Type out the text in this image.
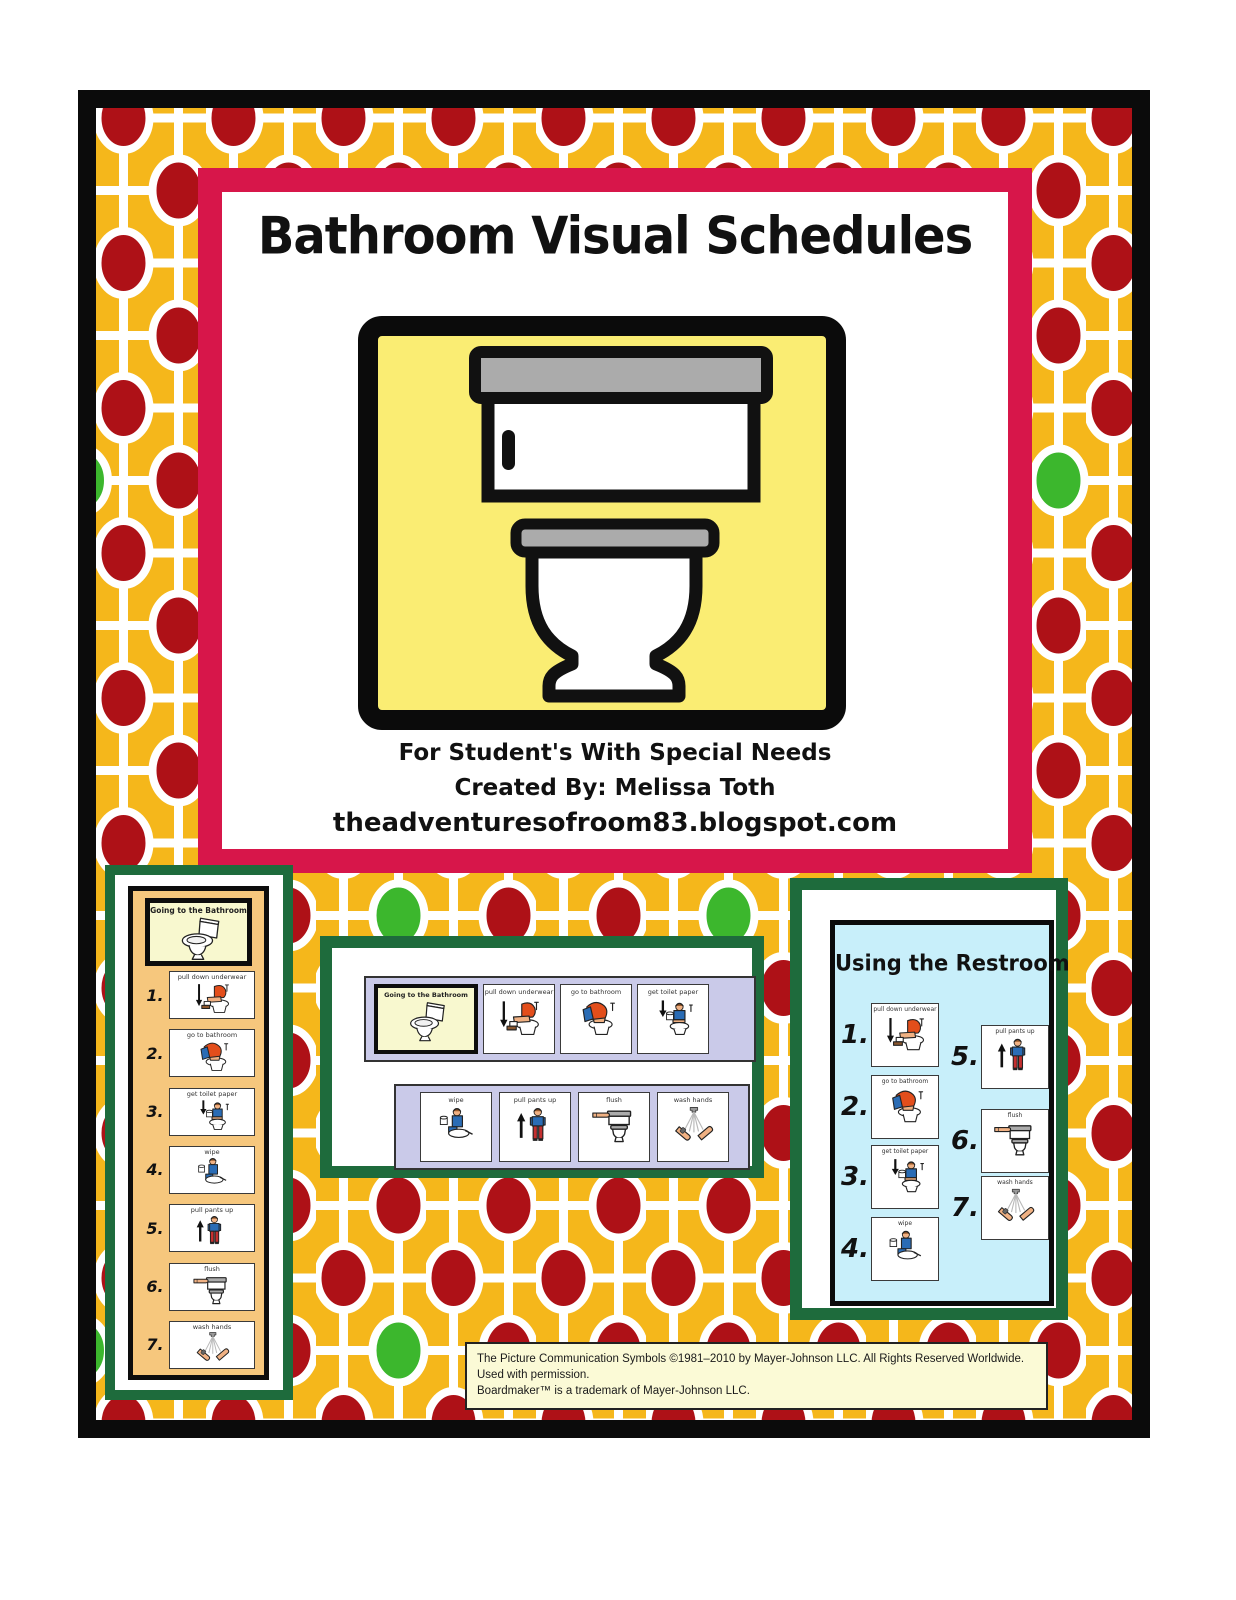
Bathroom Visual Schedules
For Student's With Special Needs
Created By: Melissa Toth
theadventuresofroom83.blogspot.com
Going to the Bathroom
1.
pull down underwear
2.
go to bathroom
3.
get toilet paper
4.
wipe
5.
pull pants up
6.
flush
7.
wash hands
Going to the Bathroom	pull down underwear	go to bathroom	get toilet paper
wipe	pull pants up	flush	wash hands
Using the Restroom
1.
pull down underwear
2.
go to bathroom
3.
get toilet paper
4.
wipe
5.
pull pants up
6.
flush
7.
wash hands
The Picture Communication Symbols ©1981–2010 by Mayer-Johnson LLC. All Rights Reserved Worldwide.
Used with permission.
Boardmaker™ is a trademark of Mayer-Johnson LLC.
